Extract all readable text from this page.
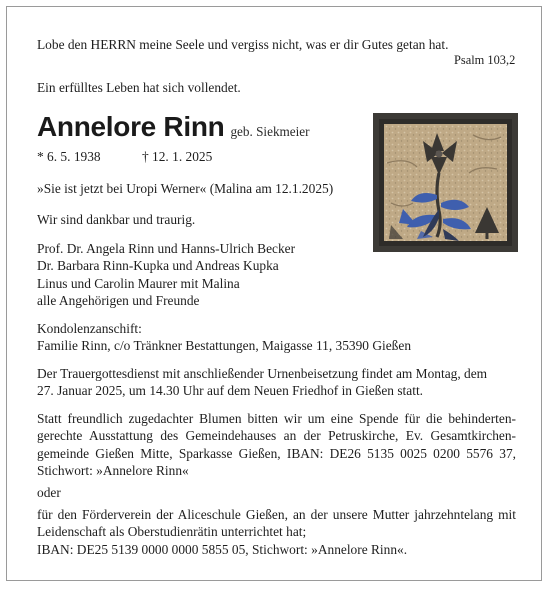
Lobe den HERRN meine Seele und vergiss nicht, was er dir Gutes getan hat.

Psalm 103,2

Ein erfülltes Leben hat sich vollendet.

Annelore Rinn geb. Siekmeier

* 6. 5. 1938	† 12. 1. 2025

»Sie ist jetzt bei Uropi Werner« (Malina am 12.1.2025)

Wir sind dankbar und traurig.

Prof. Dr. Angela Rinn und Hanns-Ulrich Becker
Dr. Barbara Rinn-Kupka und Andreas Kupka
Linus und Carolin Maurer mit Malina
alle Angehörigen und Freunde
Kondolenzanschift:
Familie Rinn, c/o Tränkner Bestattungen, Maigasse 11, 35390 Gießen
Der Trauergottesdienst mit anschließender Urnenbeisetzung findet am Montag, dem
27. Januar 2025, um 14.30 Uhr auf dem Neuen Friedhof in Gießen statt.
Statt freundlich zugedachter Blumen bitten wir um eine Spende für die behinderten-
gerechte Ausstattung des Gemeindehauses an der Petruskirche, Ev. Gesamtkirchen-
gemeinde Gießen Mitte, Sparkasse Gießen, IBAN: DE26 5135 0025 0200 5576 37,
Stichwort: »Annelore Rinn«

oder

für den Förderverein der Aliceschule Gießen, an der unsere Mutter jahrzehntelang mit
Leidenschaft als Oberstudienrätin unterrichtet hat;
IBAN: DE25 5139 0000 0000 5855 05, Stichwort: »Annelore Rinn«.
